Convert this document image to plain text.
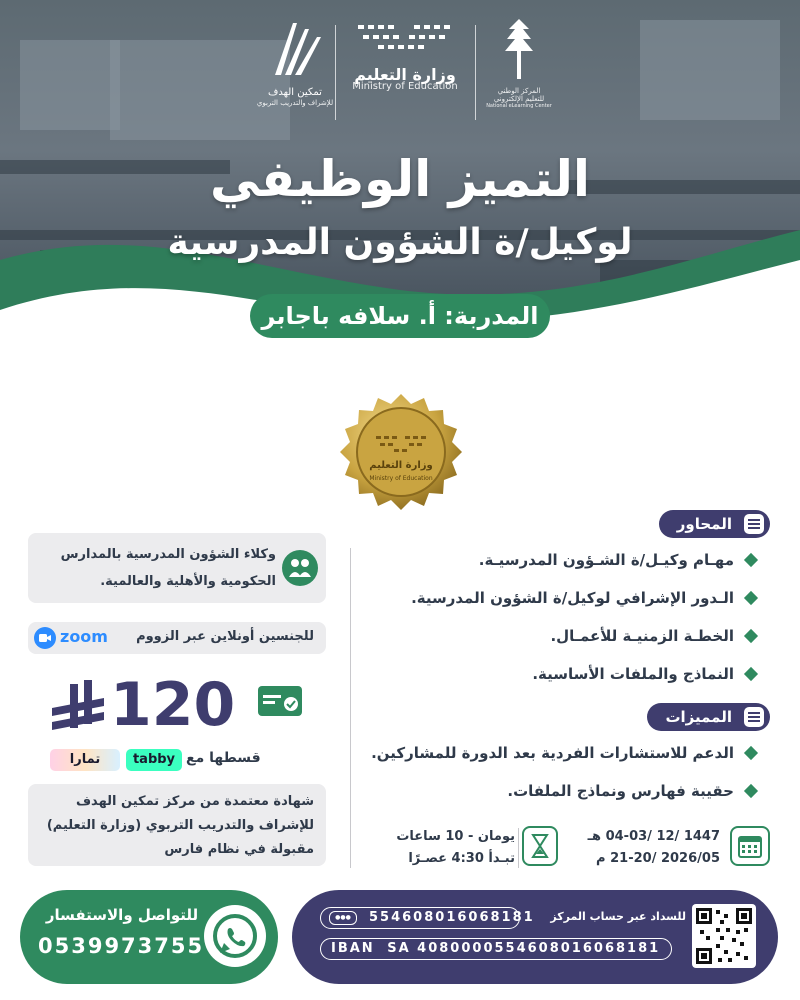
تمكين الهدف
للإشراف والتدريب التربوي
وزارة التعليم
Ministry of Education	المركز الوطني
للتعليم الإلكتروني
National eLearning Center
التميز الوظيفي
لوكيل/ة الشؤون المدرسية
المدربة: أ. سلافه باجابر
رقم الترخيص: 28532065035
وزارة التعليم
Ministry of Education
المحاور
مهـام وكيـل/ة الشـؤون المدرسيـة.
الـدور الإشرافي لوكيل/ة الشؤون المدرسية.
الخطـة الزمنيـة للأعمـال.
النماذج والملفات الأساسية.
المميزات
الدعم للاستشارات الفردية بعد الدورة للمشاركين.
حقيبة فهارس ونماذج الملفات.
1447 /12 /04-03 هـ
2026/05 /21-20 م
يومان - 10 ساعات
تبـدأ 4:30 عصـرًا
وكلاء الشؤون المدرسية بالمدارس الحكومية والأهلية والعالمية.
للجنسين أونلاين عبر الزووم
zoom
120
قسطها مع
tabby
تمارا
شهادة معتمدة من مركز تمكين الهدف للإشراف والتدريب التربوي (وزارة التعليم) مقبولة في نظام فارس
للتواصل والاستفسار
0539973755
للسداد عبر حساب المركز
●●●	554608016068181
IBAN SA 4080000554608016068181
